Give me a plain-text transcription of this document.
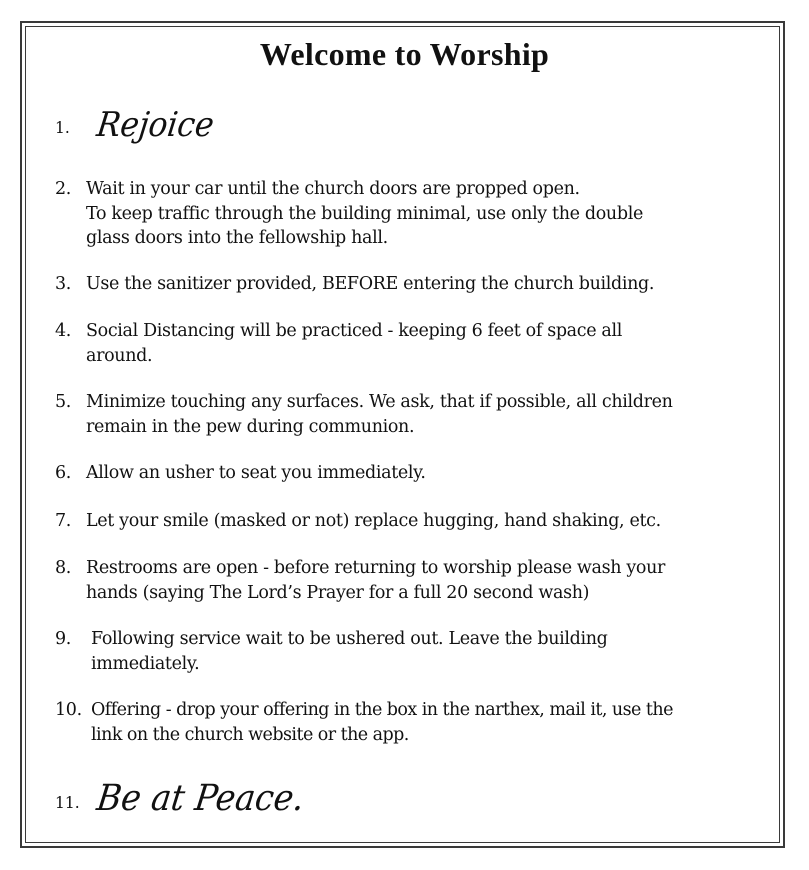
Welcome to Worship
1. Rejoice
2. Wait in your car until the church doors are propped open.
To keep traffic through the building minimal, use only the double
glass doors into the fellowship hall.
3. Use the sanitizer provided, BEFORE entering the church building.
4. Social Distancing will be practiced - keeping 6 feet of space all
around.
5. Minimize touching any surfaces. We ask, that if possible, all children
remain in the pew during communion.
6. Allow an usher to seat you immediately.
7. Let your smile (masked or not) replace hugging, hand shaking, etc.
8. Restrooms are open - before returning to worship please wash your
hands (saying The Lord’s Prayer for a full 20 second wash)
9. Following service wait to be ushered out. Leave the building
immediately.
10. Offering - drop your offering in the box in the narthex, mail it, use the
link on the church website or the app.
11. Be at Peace.
